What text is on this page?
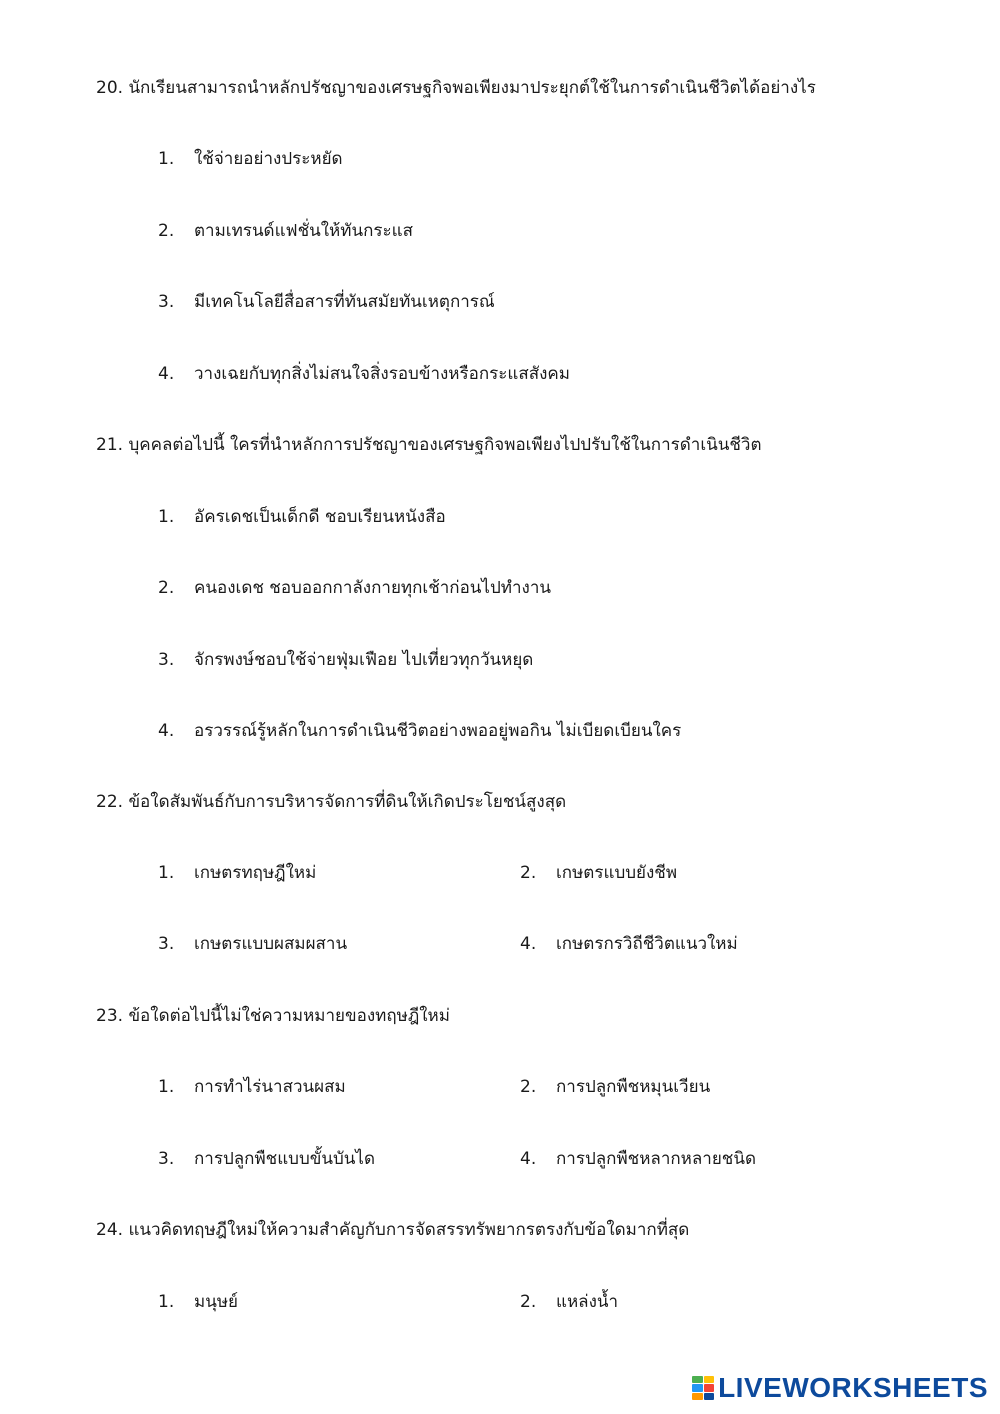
20. นักเรียนสามารถนำหลักปรัชญาของเศรษฐกิจพอเพียงมาประยุกต์ใช้ในการดำเนินชีวิตได้อย่างไร
1. ใช้จ่ายอย่างประหยัด
2. ตามเทรนด์แฟชั่นให้ทันกระแส
3. มีเทคโนโลยีสื่อสารที่ทันสมัยทันเหตุการณ์
4. วางเฉยกับทุกสิ่งไม่สนใจสิ่งรอบข้างหรือกระแสสังคม
21. บุคคลต่อไปนี้ ใครที่นำหลักการปรัชญาของเศรษฐกิจพอเพียงไปปรับใช้ในการดำเนินชีวิต
1. อัครเดชเป็นเด็กดี ชอบเรียนหนังสือ
2. คนองเดช ชอบออกกาลังกายทุกเช้าก่อนไปทำงาน
3. จักรพงษ์ชอบใช้จ่ายฟุ่มเฟือย ไปเที่ยวทุกวันหยุด
4. อรวรรณ์รู้หลักในการดำเนินชีวิตอย่างพออยู่พอกิน ไม่เบียดเบียนใคร
22. ข้อใดสัมพันธ์กับการบริหารจัดการที่ดินให้เกิดประโยชน์สูงสุด
1. เกษตรทฤษฎีใหม่	2. เกษตรแบบยังชีพ
3. เกษตรแบบผสมผสาน	4. เกษตรกรวิถีชีวิตแนวใหม่
23. ข้อใดต่อไปนี้ไม่ใช่ความหมายของทฤษฎีใหม่
1. การทำไร่นาสวนผสม	2. การปลูกพืชหมุนเวียน
3. การปลูกพืชแบบขั้นบันได	4. การปลูกพืชหลากหลายชนิด
24. แนวคิดทฤษฎีใหม่ให้ความสำคัญกับการจัดสรรทรัพยากรตรงกับข้อใดมากที่สุด
1. มนุษย์	2. แหล่งน้ำ
LIVEWORKSHEETS
